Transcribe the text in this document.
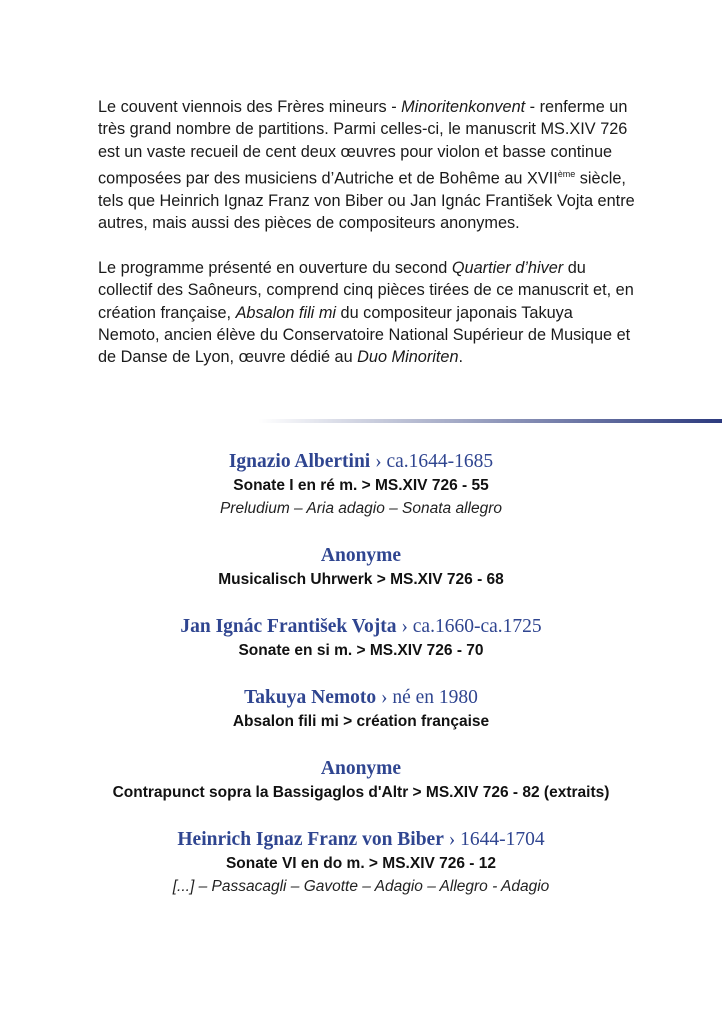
Le couvent viennois des Frères mineurs - Minoritenkonvent - renferme un très grand nombre de partitions. Parmi celles-ci, le manuscrit MS.XIV 726 est un vaste recueil de cent deux œuvres pour violon et basse continue composées par des musiciens d’Autriche et de Bohême au XVIIème siècle, tels que Heinrich Ignaz Franz von Biber ou Jan Ignác František Vojta entre autres, mais aussi des pièces de compositeurs anonymes.

Le programme présenté en ouverture du second Quartier d’hiver du collectif des Saôneurs, comprend cinq pièces tirées de ce manuscrit et, en création française, Absalon fili mi du compositeur japonais Takuya Nemoto, ancien élève du Conservatoire National Supérieur de Musique et de Danse de Lyon, œuvre dédié au Duo Minoriten.

Ignazio Albertini › ca.1644-1685
Sonate I en ré m. > MS.XIV 726 - 55
Preludium – Aria adagio – Sonata allegro
Anonyme
Musicalisch Uhrwerk > MS.XIV 726 - 68
Jan Ignác František Vojta › ca.1660-ca.1725
Sonate en si m. > MS.XIV 726 - 70
Takuya Nemoto › né en 1980
Absalon fili mi > création française
Anonyme
Contrapunct sopra la Bassigaglos d'Altr > MS.XIV 726 - 82 (extraits)
Heinrich Ignaz Franz von Biber › 1644-1704
Sonate VI en do m. > MS.XIV 726 - 12
[...] – Passacagli – Gavotte – Adagio – Allegro - Adagio
